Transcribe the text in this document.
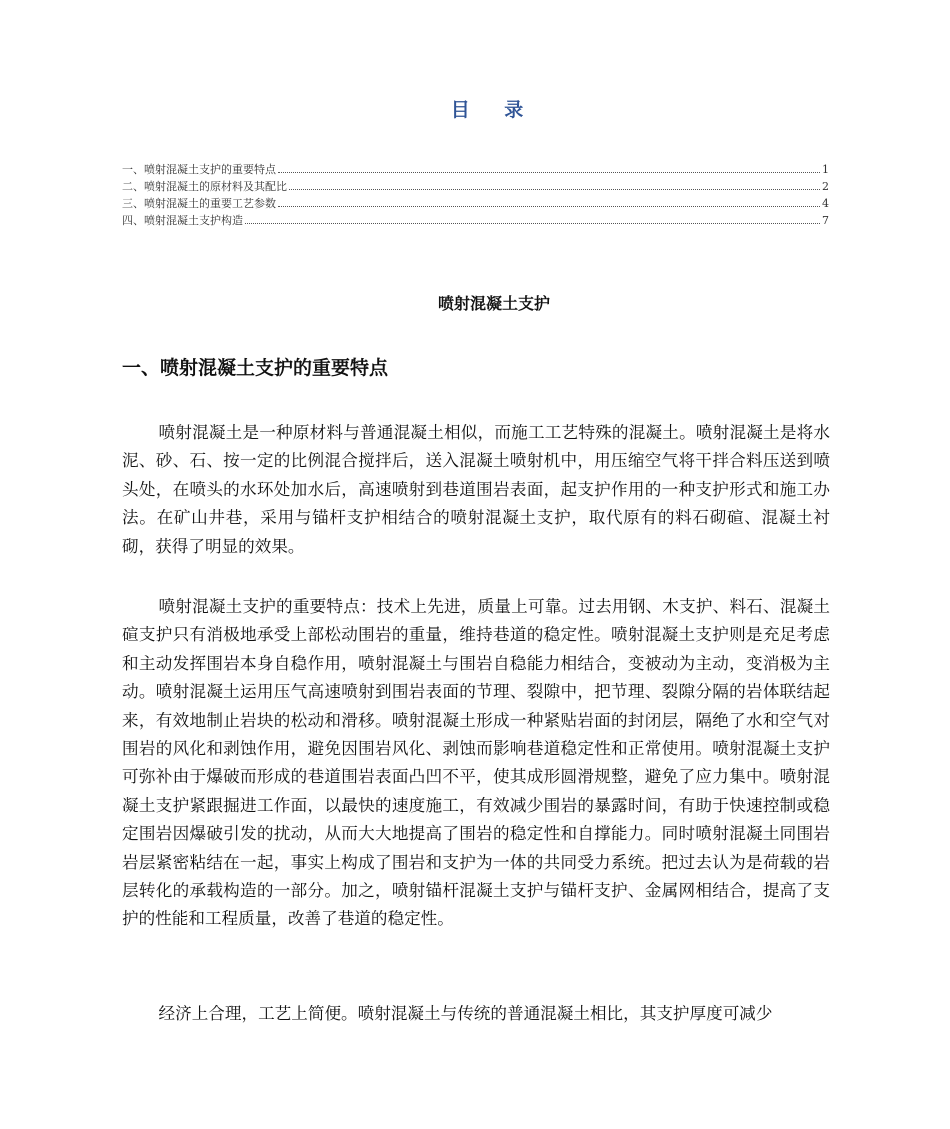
目 录
一、喷射混凝土支护的重要特点	1
二、喷射混凝土的原材料及其配比	2
三、喷射混凝土的重要工艺参数	4
四、喷射混凝土支护构造	7
喷射混凝土支护
一、喷射混凝土支护的重要特点

喷射混凝土是一种原材料与普通混凝土相似，而施工工艺特殊的混凝土。喷射混凝土是将水泥、砂、石、按一定的比例混合搅拌后，送入混凝土喷射机中，用压缩空气将干拌合料压送到喷头处，在喷头的水环处加水后，高速喷射到巷道围岩表面，起支护作用的一种支护形式和施工办法。在矿山井巷，采用与锚杆支护相结合的喷射混凝土支护，取代原有的料石砌碹、混凝土衬砌，获得了明显的效果。

喷射混凝土支护的重要特点：技术上先进，质量上可靠。过去用钢、木支护、料石、混凝土碹支护只有消极地承受上部松动围岩的重量，维持巷道的稳定性。喷射混凝土支护则是充足考虑和主动发挥围岩本身自稳作用，喷射混凝土与围岩自稳能力相结合，变被动为主动，变消极为主动。喷射混凝土运用压气高速喷射到围岩表面的节理、裂隙中，把节理、裂隙分隔的岩体联结起来，有效地制止岩块的松动和滑移。喷射混凝土形成一种紧贴岩面的封闭层，隔绝了水和空气对围岩的风化和剥蚀作用，避免因围岩风化、剥蚀而影响巷道稳定性和正常使用。喷射混凝土支护可弥补由于爆破而形成的巷道围岩表面凸凹不平，使其成形圆滑规整，避免了应力集中。喷射混凝土支护紧跟掘进工作面，以最快的速度施工，有效减少围岩的暴露时间，有助于快速控制或稳定围岩因爆破引发的扰动，从而大大地提高了围岩的稳定性和自撑能力。同时喷射混凝土同围岩岩层紧密粘结在一起，事实上构成了围岩和支护为一体的共同受力系统。把过去认为是荷载的岩层转化的承载构造的一部分。加之，喷射锚杆混凝土支护与锚杆支护、金属网相结合，提高了支护的性能和工程质量，改善了巷道的稳定性。

经济上合理，工艺上简便。喷射混凝土与传统的普通混凝土相比，其支护厚度可减少
